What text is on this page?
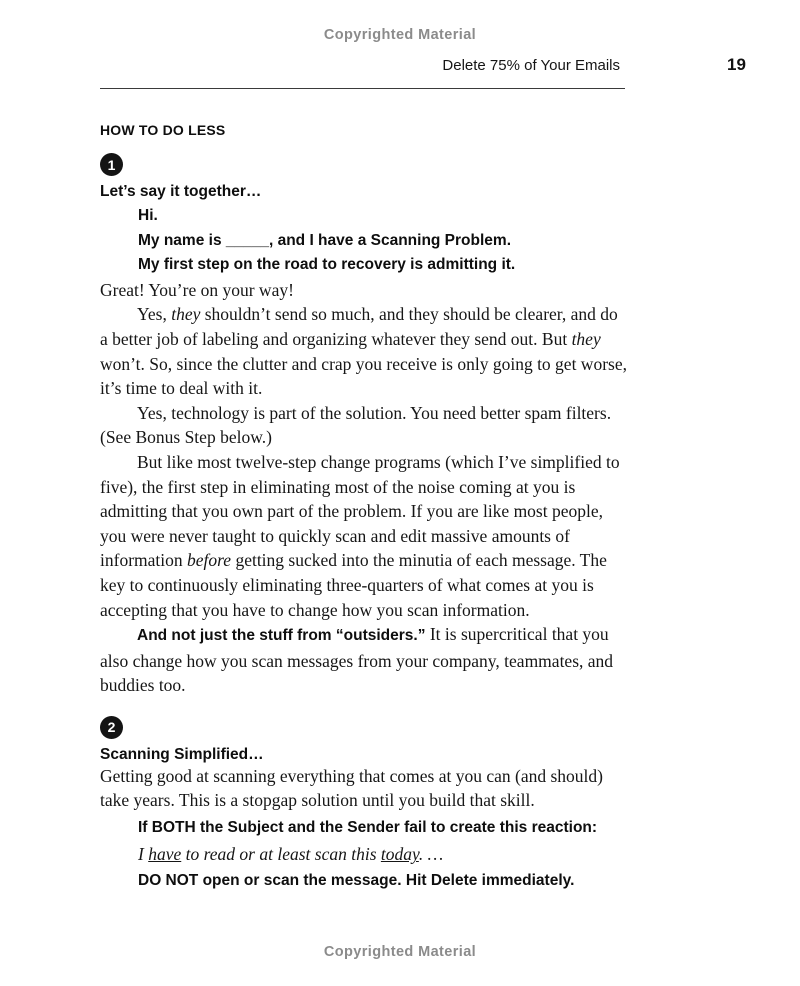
Copyrighted Material
Delete 75% of Your Emails	19
HOW TO DO LESS
1
Let’s say it together…
Hi.
My name is _____, and I have a Scanning Problem.
My first step on the road to recovery is admitting it.

Great! You’re on your way!

Yes, they shouldn’t send so much, and they should be clearer, and do a better job of labeling and organizing whatever they send out. But they won’t. So, since the clutter and crap you receive is only going to get worse, it’s time to deal with it.

Yes, technology is part of the solution. You need better spam filters. (See Bonus Step below.)

But like most twelve-step change programs (which I’ve simplified to five), the first step in eliminating most of the noise coming at you is admitting that you own part of the problem. If you are like most people, you were never taught to quickly scan and edit massive amounts of information before getting sucked into the minutia of each message. The key to continuously eliminating three-quarters of what comes at you is accepting that you have to change how you scan information.

And not just the stuff from “outsiders.” It is supercritical that you also change how you scan messages from your company, teammates, and buddies too.

2
Scanning Simplified…

Getting good at scanning everything that comes at you can (and should) take years. This is a stopgap solution until you build that skill.

If BOTH the Subject and the Sender fail to create this reaction:
I have to read or at least scan this today. …
DO NOT open or scan the message. Hit Delete immediately.
Copyrighted Material
